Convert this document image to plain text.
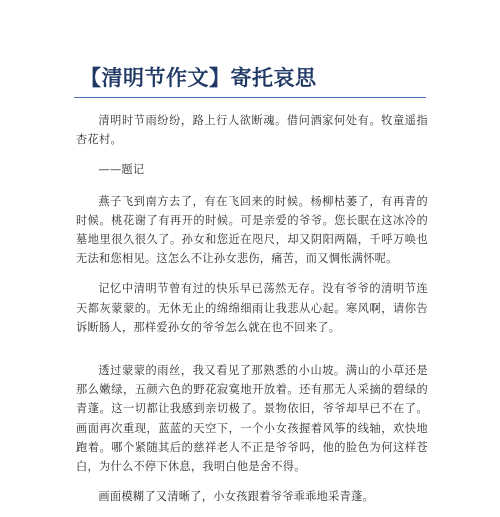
【清明节作文】寄托哀思

清明时节雨纷纷，路上行人欲断魂。借问酒家何处有。牧童遥指杏花村。

——题记

燕子飞到南方去了，有在飞回来的时候。杨柳枯萎了，有再青的时候。桃花谢了有再开的时候。可是亲爱的爷爷。您长眠在这冰冷的墓地里很久很久了。孙女和您近在咫尺，却又阴阳两隔，千呼万唤也无法和您相见。这怎么不让孙女悲伤，痛苦，而又惆怅满怀呢。

记忆中清明节曾有过的快乐早已荡然无存。没有爷爷的清明节连天都灰蒙蒙的。无休无止的绵绵细雨让我悲从心起。寒风啊，请你告诉断肠人，那样爱孙女的爷爷怎么就在也不回来了。

透过蒙蒙的雨丝，我又看见了那熟悉的小山坡。满山的小草还是那么嫩绿，五颜六色的野花寂寞地开放着。还有那无人采摘的碧绿的青蓬。这一切都让我感到亲切极了。景物依旧，爷爷却早已不在了。画面再次重现，蓝蓝的天空下，一个小女孩握着风筝的线轴，欢快地跑着。哪个紧随其后的慈祥老人不正是爷爷吗，他的脸色为何这样苍白，为什么不停下休息，我明白他是舍不得。

画面模糊了又清晰了，小女孩跟着爷爷乖乖地采青蓬。
